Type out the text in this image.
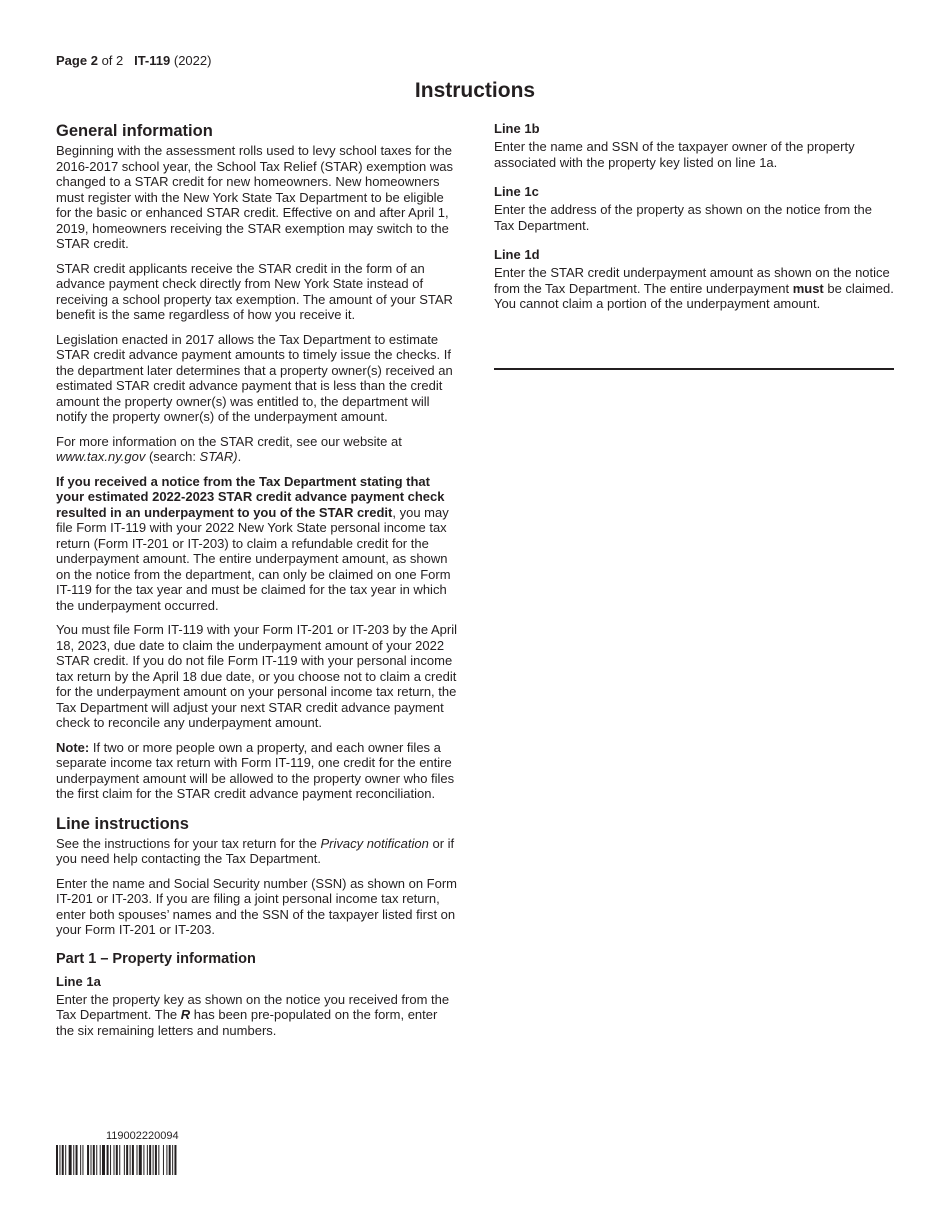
Page 2 of 2 IT-119 (2022)
Instructions
General information

Beginning with the assessment rolls used to levy school taxes for the 2016-2017 school year, the School Tax Relief (STAR) exemption was changed to a STAR credit for new homeowners. New homeowners must register with the New York State Tax Department to be eligible for the basic or enhanced STAR credit. Effective on and after April 1, 2019, homeowners receiving the STAR exemption may switch to the STAR credit.

STAR credit applicants receive the STAR credit in the form of an advance payment check directly from New York State instead of receiving a school property tax exemption. The amount of your STAR benefit is the same regardless of how you receive it.

Legislation enacted in 2017 allows the Tax Department to estimate STAR credit advance payment amounts to timely issue the checks. If the department later determines that a property owner(s) received an estimated STAR credit advance payment that is less than the credit amount the property owner(s) was entitled to, the department will notify the property owner(s) of the underpayment amount.

For more information on the STAR credit, see our website at www.tax.ny.gov (search: STAR).

If you received a notice from the Tax Department stating that your estimated 2022-2023 STAR credit advance payment check resulted in an underpayment to you of the STAR credit, you may file Form IT-119 with your 2022 New York State personal income tax return (Form IT-201 or IT-203) to claim a refundable credit for the underpayment amount. The entire underpayment amount, as shown on the notice from the department, can only be claimed on one Form IT-119 for the tax year and must be claimed for the tax year in which the underpayment occurred.

You must file Form IT-119 with your Form IT-201 or IT-203 by the April 18, 2023, due date to claim the underpayment amount of your 2022 STAR credit. If you do not file Form IT-119 with your personal income tax return by the April 18 due date, or you choose not to claim a credit for the underpayment amount on your personal income tax return, the Tax Department will adjust your next STAR credit advance payment check to reconcile any underpayment amount.

Note: If two or more people own a property, and each owner files a separate income tax return with Form IT-119, one credit for the entire underpayment amount will be allowed to the property owner who files the first claim for the STAR credit advance payment reconciliation.

Line instructions

See the instructions for your tax return for the Privacy notification or if you need help contacting the Tax Department.

Enter the name and Social Security number (SSN) as shown on Form IT-201 or IT-203. If you are filing a joint personal income tax return, enter both spouses’ names and the SSN of the taxpayer listed first on your Form IT-201 or IT-203.

Part 1 – Property information
Line 1a

Enter the property key as shown on the notice you received from the Tax Department. The R has been pre-populated on the form, enter the six remaining letters and numbers.

Line 1b

Enter the name and SSN of the taxpayer owner of the property associated with the property key listed on line 1a.

Line 1c

Enter the address of the property as shown on the notice from the Tax Department.

Line 1d

Enter the STAR credit underpayment amount as shown on the notice from the Tax Department. The entire underpayment must be claimed. You cannot claim a portion of the underpayment amount.

119002220094
